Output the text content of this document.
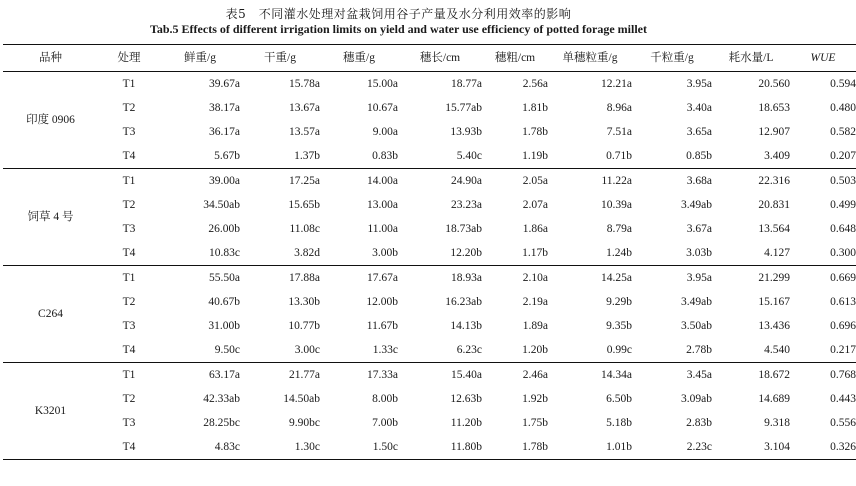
表5　不同灌水处理对盆栽饲用谷子产量及水分利用效率的影响
Tab.5 Effects of different irrigation limits on yield and water use efficiency of potted forage millet
品种	处理	鲜重/g	干重/g	穗重/g	穗长/cm	穗粗/cm	单穗粒重/g	千粒重/g	耗水量/L	WUE
印度 0906	T1	39.67a	15.78a	15.00a	18.77a	2.56a	12.21a	3.95a	20.560	0.594
	T2	38.17a	13.67a	10.67a	15.77ab	1.81b	8.96a	3.40a	18.653	0.480
	T3	36.17a	13.57a	9.00a	13.93b	1.78b	7.51a	3.65a	12.907	0.582
	T4	5.67b	1.37b	0.83b	5.40c	1.19b	0.71b	0.85b	3.409	0.207
饲草 4 号	T1	39.00a	17.25a	14.00a	24.90a	2.05a	11.22a	3.68a	22.316	0.503
	T2	34.50ab	15.65b	13.00a	23.23a	2.07a	10.39a	3.49ab	20.831	0.499
	T3	26.00b	11.08c	11.00a	18.73ab	1.86a	8.79a	3.67a	13.564	0.648
	T4	10.83c	3.82d	3.00b	12.20b	1.17b	1.24b	3.03b	4.127	0.300
C264	T1	55.50a	17.88a	17.67a	18.93a	2.10a	14.25a	3.95a	21.299	0.669
	T2	40.67b	13.30b	12.00b	16.23ab	2.19a	9.29b	3.49ab	15.167	0.613
	T3	31.00b	10.77b	11.67b	14.13b	1.89a	9.35b	3.50ab	13.436	0.696
	T4	9.50c	3.00c	1.33c	6.23c	1.20b	0.99c	2.78b	4.540	0.217
K3201	T1	63.17a	21.77a	17.33a	15.40a	2.46a	14.34a	3.45a	18.672	0.768
	T2	42.33ab	14.50ab	8.00b	12.63b	1.92b	6.50b	3.09ab	14.689	0.443
	T3	28.25bc	9.90bc	7.00b	11.20b	1.75b	5.18b	2.83b	9.318	0.556
	T4	4.83c	1.30c	1.50c	11.80b	1.78b	1.01b	2.23c	3.104	0.326
